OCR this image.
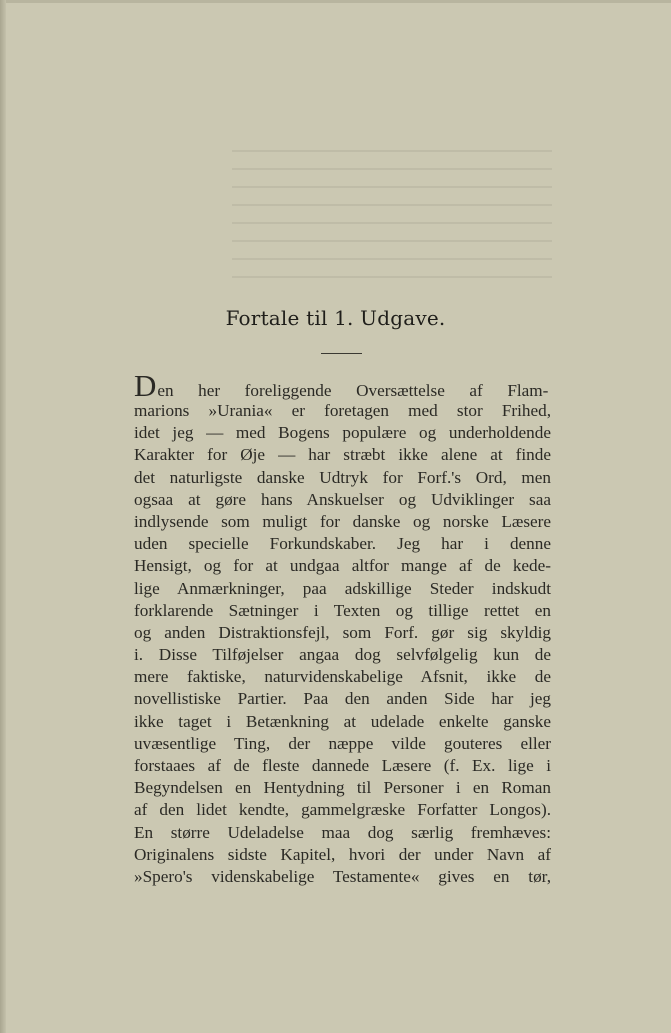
Fortale til 1. Udgave.
Den her foreliggende Oversættelse af Flam-
marions »Urania« er foretagen med stor Frihed,
idet jeg — med Bogens populære og underholdende
Karakter for Øje — har stræbt ikke alene at finde
det naturligste danske Udtryk for Forf.'s Ord, men
ogsaa at gøre hans Anskuelser og Udviklinger saa
indlysende som muligt for danske og norske Læsere
uden specielle Forkundskaber. Jeg har i denne
Hensigt, og for at undgaa altfor mange af de kede-
lige Anmærkninger, paa adskillige Steder indskudt
forklarende Sætninger i Texten og tillige rettet en
og anden Distraktionsfejl, som Forf. gør sig skyldig
i. Disse Tilføjelser angaa dog selvfølgelig kun de
mere faktiske, naturvidenskabelige Afsnit, ikke de
novellistiske Partier. Paa den anden Side har jeg
ikke taget i Betænkning at udelade enkelte ganske
uvæsentlige Ting, der næppe vilde gouteres eller
forstaaes af de fleste dannede Læsere (f. Ex. lige i
Begyndelsen en Hentydning til Personer i en Roman
af den lidet kendte, gammelgræske Forfatter Longos).
En større Udeladelse maa dog særlig fremhæves:
Originalens sidste Kapitel, hvori der under Navn af
»Spero's videnskabelige Testamente« gives en tør,
